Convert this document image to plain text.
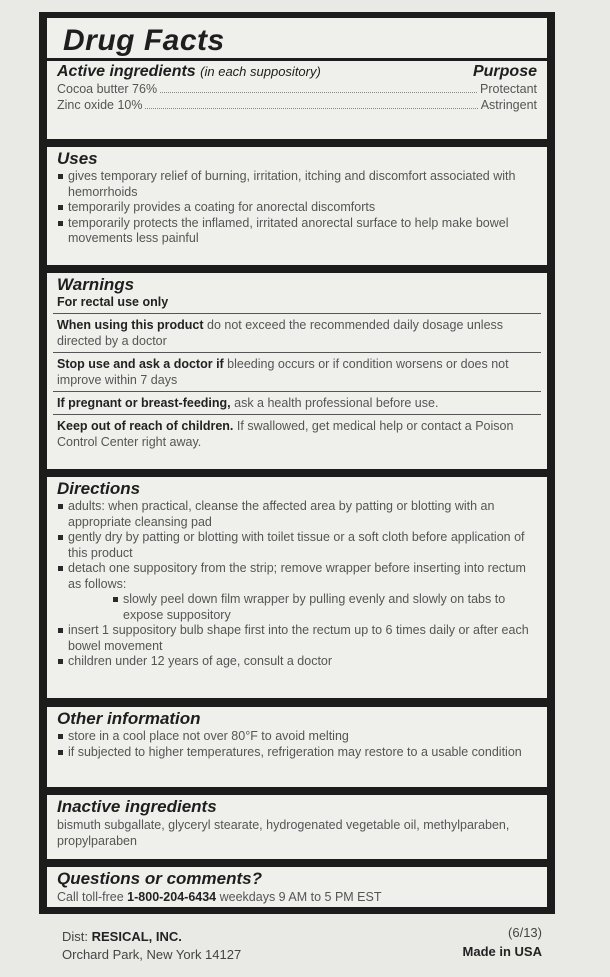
Drug Facts
Active ingredients (in each suppository)	Purpose
Cocoa butter 76%	Protectant
Zinc oxide 10%	Astringent
Uses
gives temporary relief of burning, irritation, itching and discomfort associated with hemorrhoids
temporarily provides a coating for anorectal discomforts
temporarily protects the inflamed, irritated anorectal surface to help make bowel movements less painful
Warnings
For rectal use only
When using this product do not exceed the recommended daily dosage unless directed by a doctor
Stop use and ask a doctor if bleeding occurs or if condition worsens or does not improve within 7 days
If pregnant or breast-feeding, ask a health professional before use.
Keep out of reach of children. If swallowed, get medical help or contact a Poison Control Center right away.
Directions
adults: when practical, cleanse the affected area by patting or blotting with an appropriate cleansing pad
gently dry by patting or blotting with toilet tissue or a soft cloth before application of this product
detach one suppository from the strip; remove wrapper before inserting into rectum as follows:
slowly peel down film wrapper by pulling evenly and slowly on tabs to expose suppository
insert 1 suppository bulb shape first into the rectum up to 6 times daily or after each bowel movement
children under 12 years of age, consult a doctor
Other information
store in a cool place not over 80°F to avoid melting
if subjected to higher temperatures, refrigeration may restore to a usable condition
Inactive ingredients
bismuth subgallate, glyceryl stearate, hydrogenated vegetable oil, methylparaben, propylparaben
Questions or comments?
Call toll-free 1-800-204-6434 weekdays 9 AM to 5 PM EST
Dist: RESICAL, INC.
Orchard Park, New York 14127
(6/13)
Made in USA
